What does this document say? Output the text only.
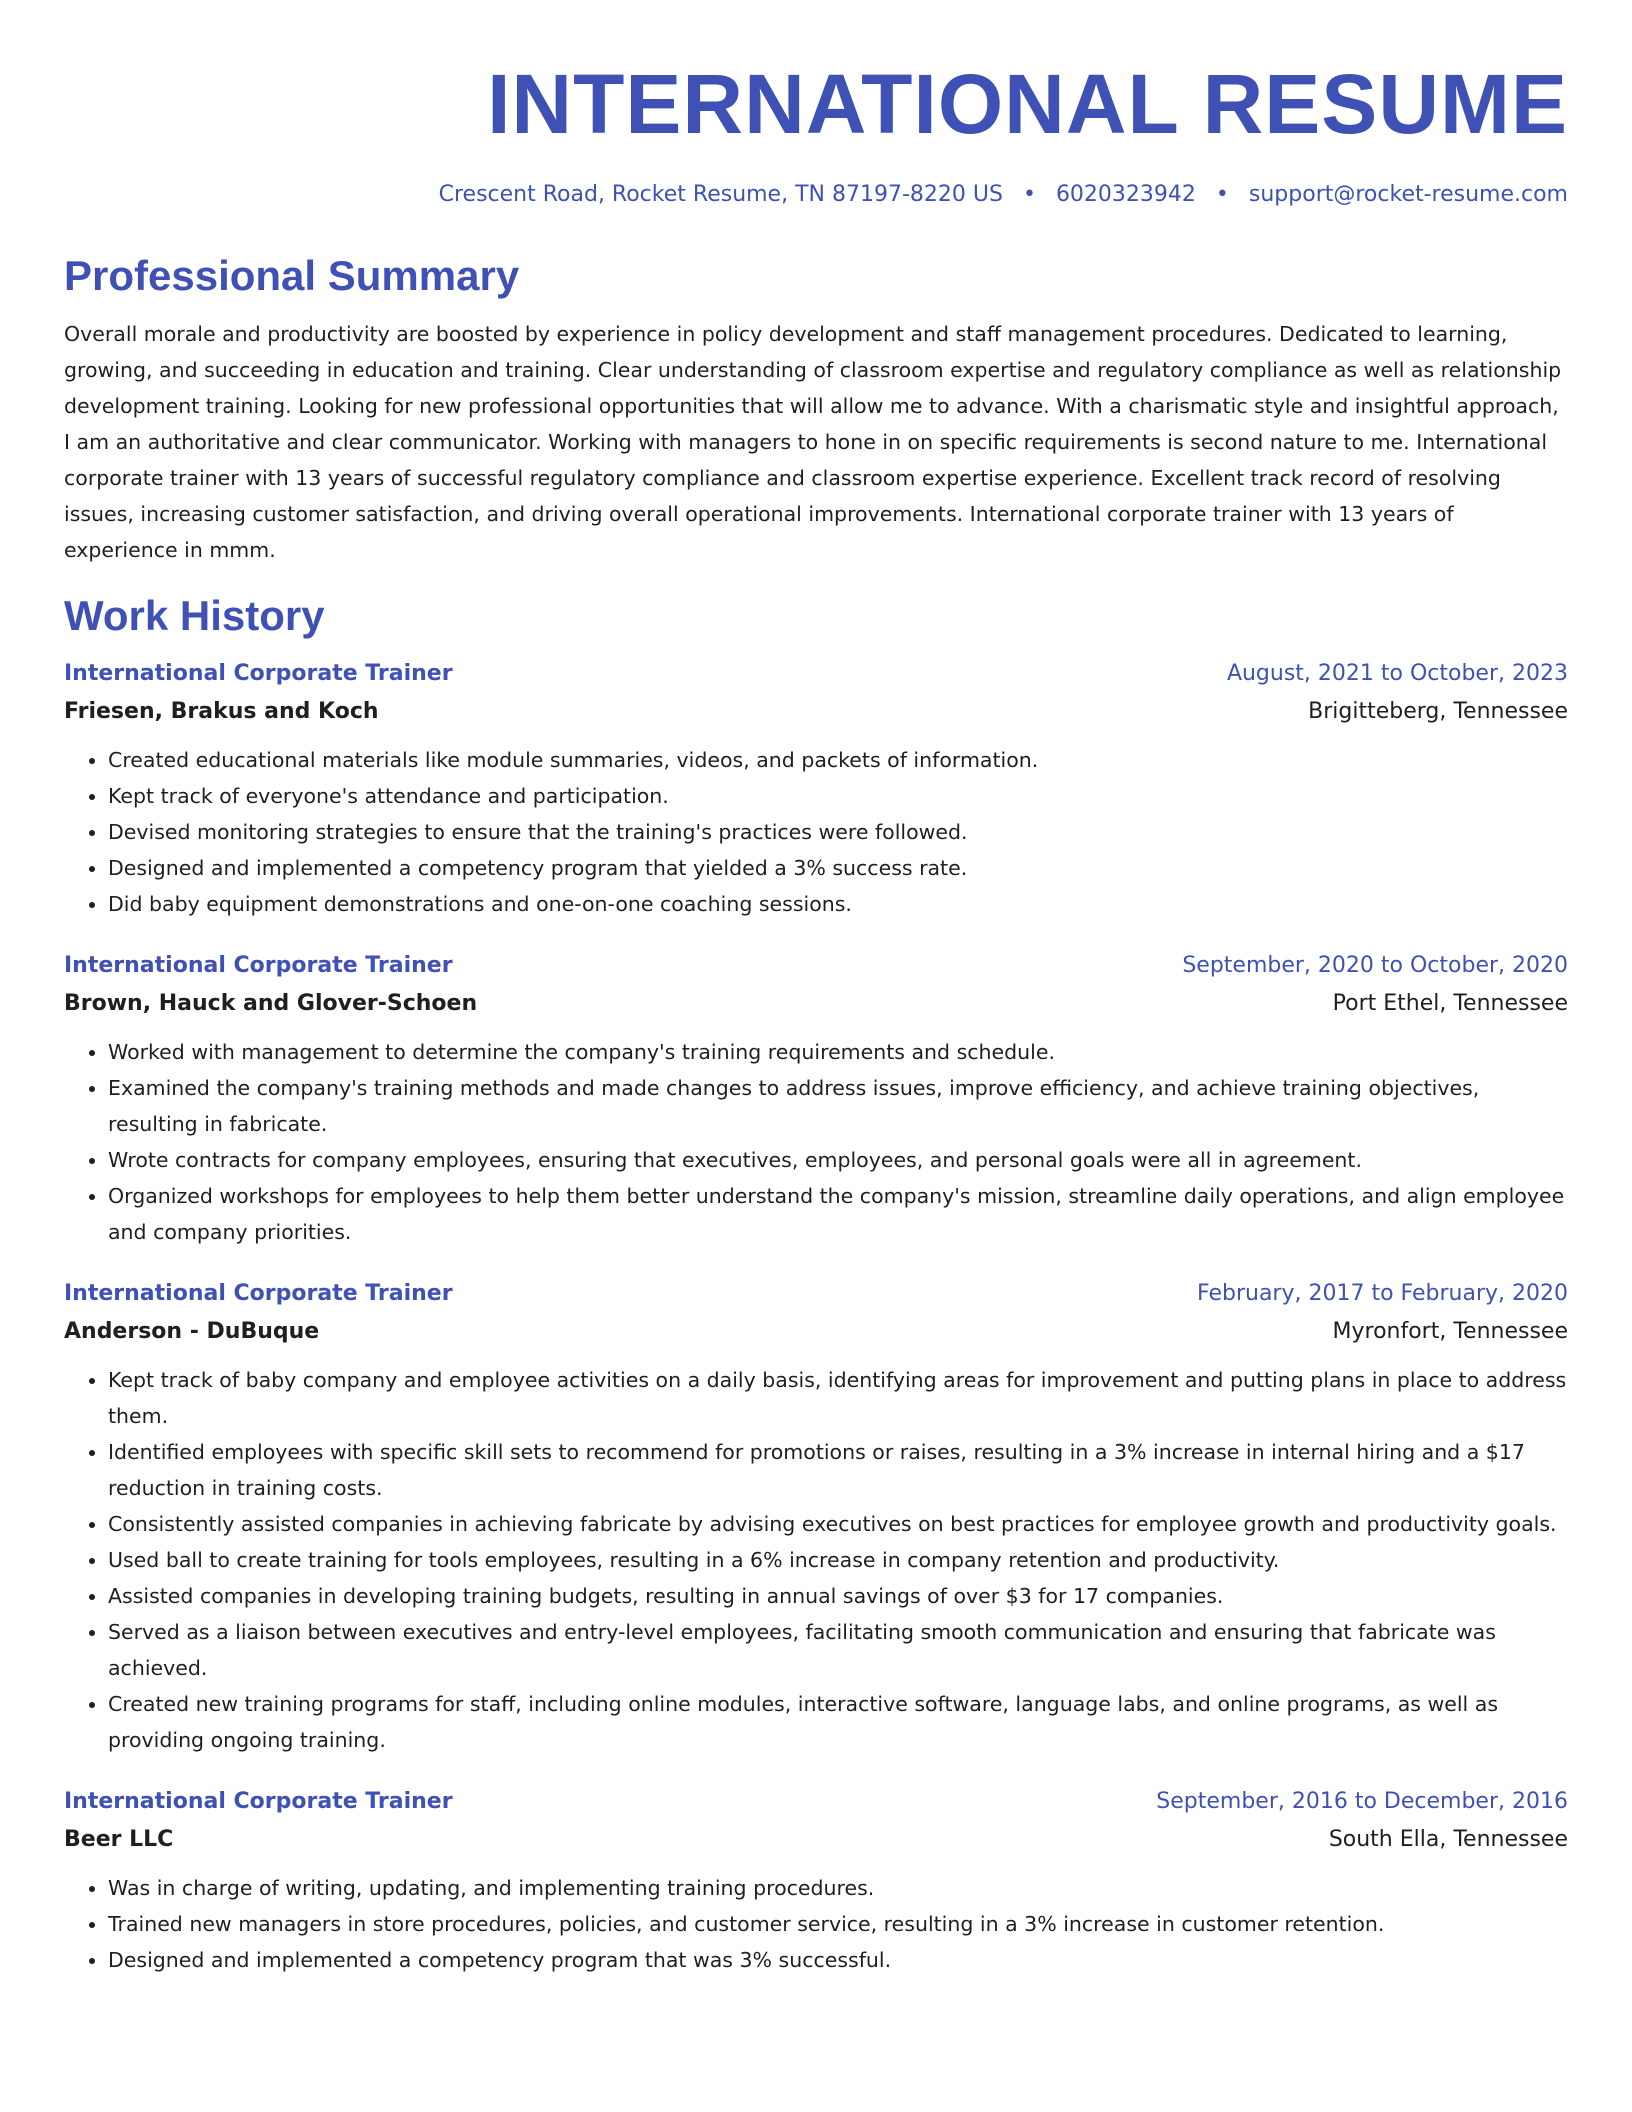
INTERNATIONAL RESUME
Crescent Road, Rocket Resume, TN 87197-8220 US • 6020323942 • support@rocket-resume.com
Professional Summary
Overall morale and productivity are boosted by experience in policy development and staff management procedures. Dedicated to learning, growing, and succeeding in education and training. Clear understanding of classroom expertise and regulatory compliance as well as relationship development training. Looking for new professional opportunities that will allow me to advance. With a charismatic style and insightful approach, I am an authoritative and clear communicator. Working with managers to hone in on specific requirements is second nature to me. International corporate trainer with 13 years of successful regulatory compliance and classroom expertise experience. Excellent track record of resolving issues, increasing customer satisfaction, and driving overall operational improvements. International corporate trainer with 13 years of experience in mmm.
Work History
International Corporate Trainer	August, 2021 to October, 2023
Friesen, Brakus and Koch	Brigitteberg, Tennessee
• Created educational materials like module summaries, videos, and packets of information.
• Kept track of everyone's attendance and participation.
• Devised monitoring strategies to ensure that the training's practices were followed.
• Designed and implemented a competency program that yielded a 3% success rate.
• Did baby equipment demonstrations and one-on-one coaching sessions.
International Corporate Trainer	September, 2020 to October, 2020
Brown, Hauck and Glover-Schoen	Port Ethel, Tennessee
• Worked with management to determine the company's training requirements and schedule.
• Examined the company's training methods and made changes to address issues, improve efficiency, and achieve training objectives, resulting in fabricate.
• Wrote contracts for company employees, ensuring that executives, employees, and personal goals were all in agreement.
• Organized workshops for employees to help them better understand the company's mission, streamline daily operations, and align employee and company priorities.
International Corporate Trainer	February, 2017 to February, 2020
Anderson - DuBuque	Myronfort, Tennessee
• Kept track of baby company and employee activities on a daily basis, identifying areas for improvement and putting plans in place to address them.
• Identified employees with specific skill sets to recommend for promotions or raises, resulting in a 3% increase in internal hiring and a $17 reduction in training costs.
• Consistently assisted companies in achieving fabricate by advising executives on best practices for employee growth and productivity goals.
• Used ball to create training for tools employees, resulting in a 6% increase in company retention and productivity.
• Assisted companies in developing training budgets, resulting in annual savings of over $3 for 17 companies.
• Served as a liaison between executives and entry-level employees, facilitating smooth communication and ensuring that fabricate was achieved.
• Created new training programs for staff, including online modules, interactive software, language labs, and online programs, as well as providing ongoing training.
International Corporate Trainer	September, 2016 to December, 2016
Beer LLC	South Ella, Tennessee
• Was in charge of writing, updating, and implementing training procedures.
• Trained new managers in store procedures, policies, and customer service, resulting in a 3% increase in customer retention.
• Designed and implemented a competency program that was 3% successful.
